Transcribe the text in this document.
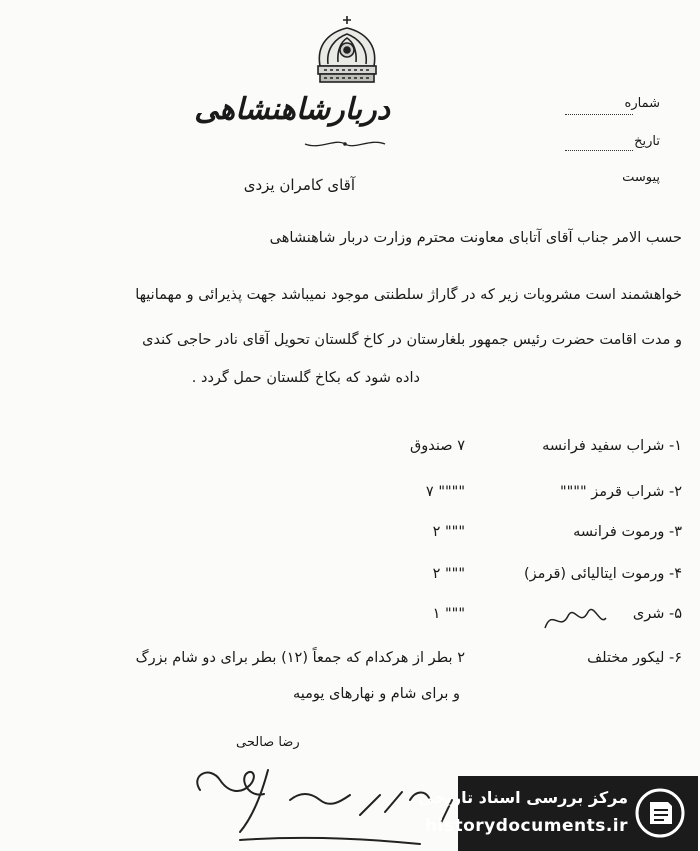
دربارشاهنشاهی	شماره
تاریخ
پیوست
آقای کامران یزدی
حسب الامر جناب آقای آتابای معاونت محترم وزارت دربار شاهنشاهی
خواهشمند است مشروبات زیر که در گاراژ سلطنتی موجود نمیباشد جهت پذیرائی و مهمانیها
و مدت اقامت حضرت رئیس جمهور بلغارستان در کاخ گلستان تحویل آقای نادر حاجی کندی
داده شود که بکاخ گلستان حمل گردد .
۱- شراب سفید فرانسه
۷ صندوق
۲- شراب قرمز """"
۷ """"
۳- ورموت فرانسه
۲ """
۴- ورموت ایتالیائی (قرمز)
۲ """
۵- شری
۱ """
۶- لیکور مختلف
۲ بطر از هرکدام که جمعاً (۱۲) بطر برای دو شام بزرگ
و برای شام و نهارهای یومیه
رضا صالحی
مرکز بررسی اسناد تاریخی
historydocuments.ir
